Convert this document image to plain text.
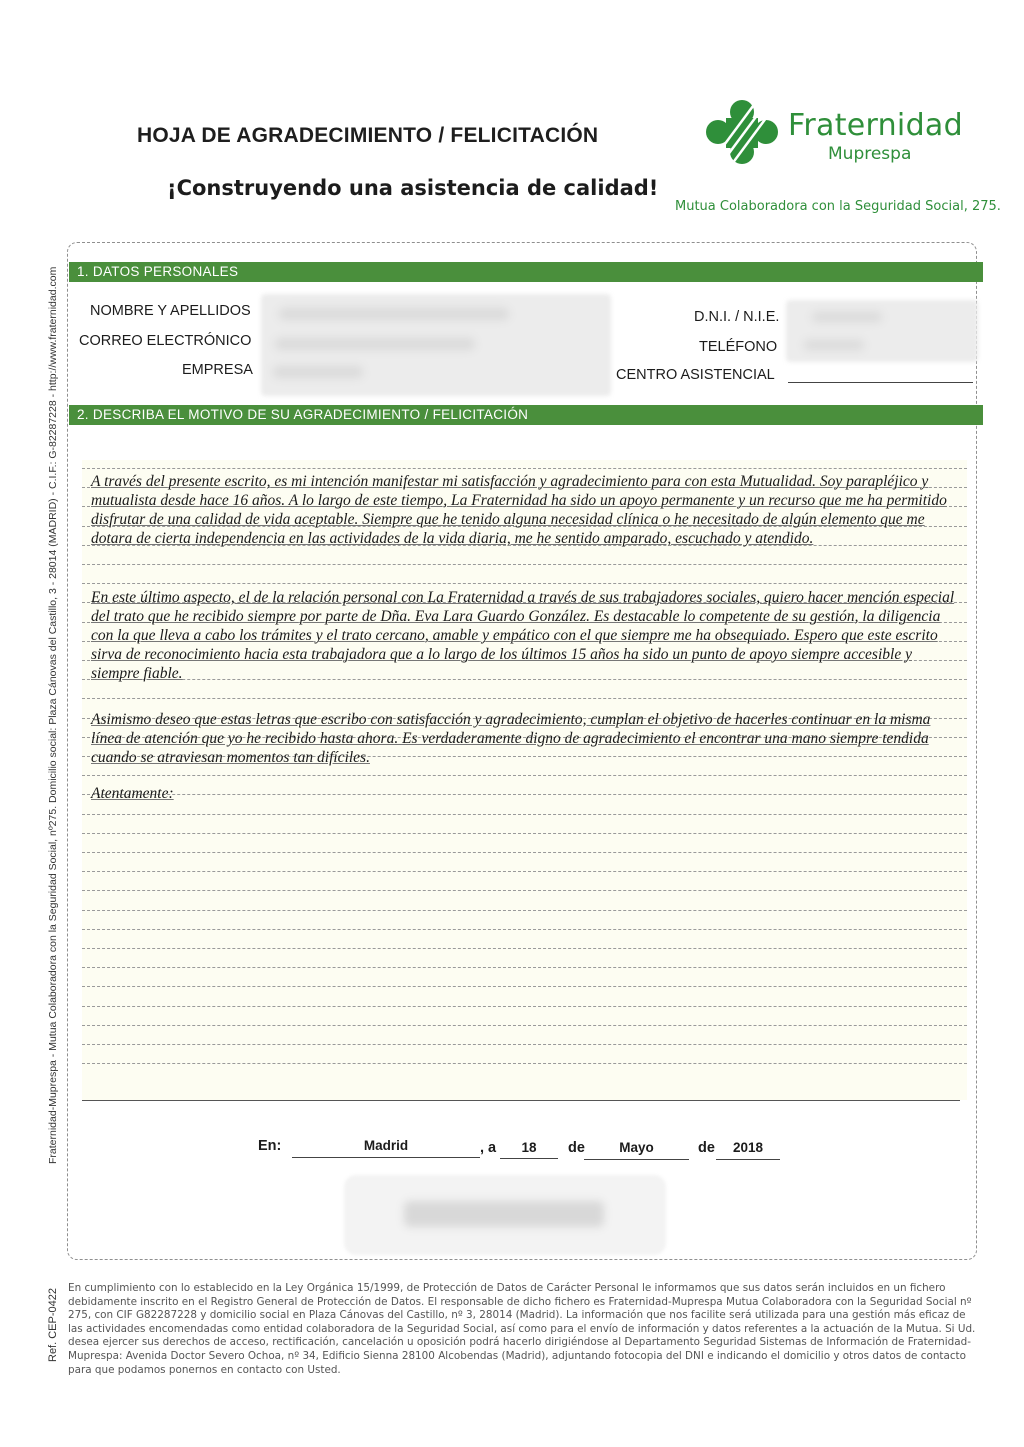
HOJA DE AGRADECIMIENTO / FELICITACIÓN
¡Construyendo una asistencia de calidad!
Fraternidad
Muprespa
Mutua Colaboradora con la Seguridad Social, 275.
Fraternidad-Muprespa - Mutua Colaboradora con la Seguridad Social, nº275. Domicilio social: Plaza Cánovas del Castillo, 3 - 28014 (MADRID) - C.I.F.: G-82287228 - http://www.fraternidad.com
Ref. CEP-0422
1. DATOS PERSONALES
NOMBRE Y APELLIDOS
CORREO ELECTRÓNICO
EMPRESA
D.N.I. / N.I.E.
TELÉFONO
CENTRO ASISTENCIAL
2. DESCRIBA EL MOTIVO DE SU AGRADECIMIENTO / FELICITACIÓN
A través del presente escrito, es mi intención manifestar mi satisfacción y agradecimiento para con esta Mutualidad. Soy parapléjico y mutualista desde hace 16 años. A lo largo de este tiempo, La Fraternidad ha sido un apoyo permanente y un recurso que me ha permitido disfrutar de una calidad de vida aceptable. Siempre que he tenido alguna necesidad clínica o he necesitado de algún elemento que me dotara de cierta independencia en las actividades de la vida diaria, me he sentido amparado, escuchado y atendido.
En este último aspecto, el de la relación personal con La Fraternidad a través de sus trabajadores sociales, quiero hacer mención especial del trato que he recibido siempre por parte de Dña. Eva Lara Guardo González. Es destacable lo competente de su gestión, la diligencia con la que lleva a cabo los trámites y el trato cercano, amable y empático con el que siempre me ha obsequiado. Espero que este escrito sirva de reconocimiento hacia esta trabajadora que a lo largo de los últimos 15 años ha sido un punto de apoyo siempre accesible y siempre fiable.
Asimismo deseo que estas letras que escribo con satisfacción y agradecimiento, cumplan el objetivo de hacerles continuar en la misma línea de atención que yo he recibido hasta ahora. Es verdaderamente digno de agradecimiento el encontrar una mano siempre tendida cuando se atraviesan momentos tan difíciles.
Atentamente:
En:	Madrid	, a	18	de	Mayo	de	2018
En cumplimiento con lo establecido en la Ley Orgánica 15/1999, de Protección de Datos de Carácter Personal le informamos que sus datos serán incluidos en un fichero debidamente inscrito en el Registro General de Protección de Datos. El responsable de dicho fichero es Fraternidad-Muprespa Mutua Colaboradora con la Seguridad Social nº 275, con CIF G82287228 y domicilio social en Plaza Cánovas del Castillo, nº 3, 28014 (Madrid). La información que nos facilite será utilizada para una gestión más eficaz de las actividades encomendadas como entidad colaboradora de la Seguridad Social, así como para el envío de información y datos referentes a la actuación de la Mutua. Si Ud. desea ejercer sus derechos de acceso, rectificación, cancelación u oposición podrá hacerlo dirigiéndose al Departamento Seguridad Sistemas de Información de Fraternidad-Muprespa: Avenida Doctor Severo Ochoa, nº 34, Edificio Sienna 28100 Alcobendas (Madrid), adjuntando fotocopia del DNI e indicando el domicilio y otros datos de contacto para que podamos ponernos en contacto con Usted.
